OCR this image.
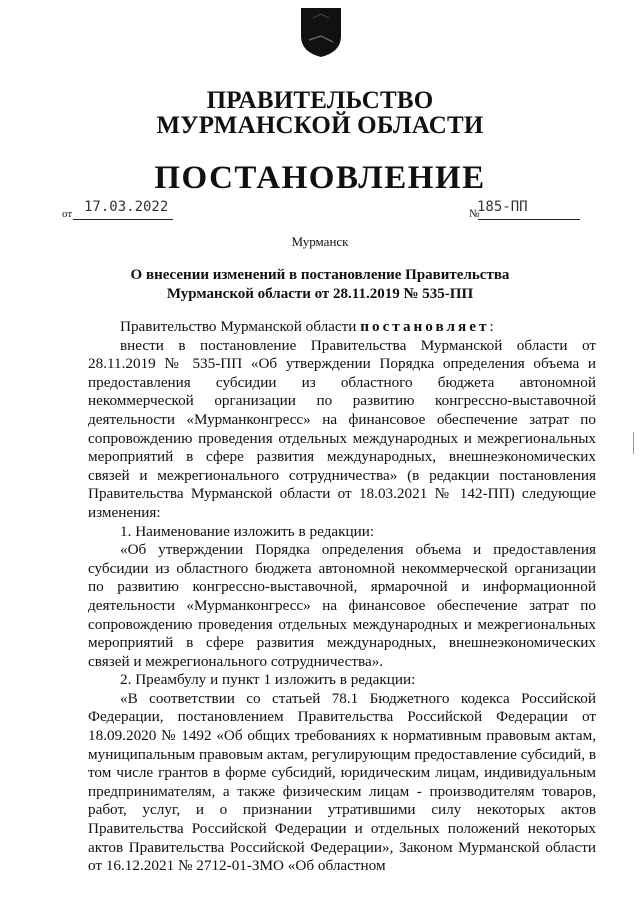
ПРАВИТЕЛЬСТВО
МУРМАНСКОЙ ОБЛАСТИ
ПОСТАНОВЛЕНИЕ
от 17.03.2022	№
185-ПП
Мурманск
О внесении изменений в постановление Правительства
Мурманской области от 28.11.2019 № 535-ПП

Правительство Мурманской области постановляет:

внести в постановление Правительства Мурманской области от 28.11.2019 № 535-ПП «Об утверждении Порядка определения объема и предоставления субсидии из областного бюджета автономной некоммерческой организации по развитию конгрессно-выставочной деятельности «Мурманконгресс» на финансовое обеспечение затрат по сопровождению проведения отдельных международных и межрегиональных мероприятий в сфере развития международных, внешнеэкономических связей и межрегионального сотрудничества» (в редакции постановления Правительства Мурманской области от 18.03.2021 № 142-ПП) следующие изменения:

1. Наименование изложить в редакции:

«Об утверждении Порядка определения объема и предоставления субсидии из областного бюджета автономной некоммерческой организации по развитию конгрессно-выставочной, ярмарочной и информационной деятельности «Мурманконгресс» на финансовое обеспечение затрат по сопровождению проведения отдельных международных и межрегиональных мероприятий в сфере развития международных, внешнеэкономических связей и межрегионального сотрудничества».

2. Преамбулу и пункт 1 изложить в редакции:

«В соответствии со статьей 78.1 Бюджетного кодекса Российской Федерации, постановлением Правительства Российской Федерации от 18.09.2020 № 1492 «Об общих требованиях к нормативным правовым актам, муниципальным правовым актам, регулирующим предоставление субсидий, в том числе грантов в форме субсидий, юридическим лицам, индивидуальным предпринимателям, а также физическим лицам - производителям товаров, работ, услуг, и о признании утратившими силу некоторых актов Правительства Российской Федерации и отдельных положений некоторых актов Правительства Российской Федерации», Законом Мурманской области от 16.12.2021 № 2712-01-ЗМО «Об областном
